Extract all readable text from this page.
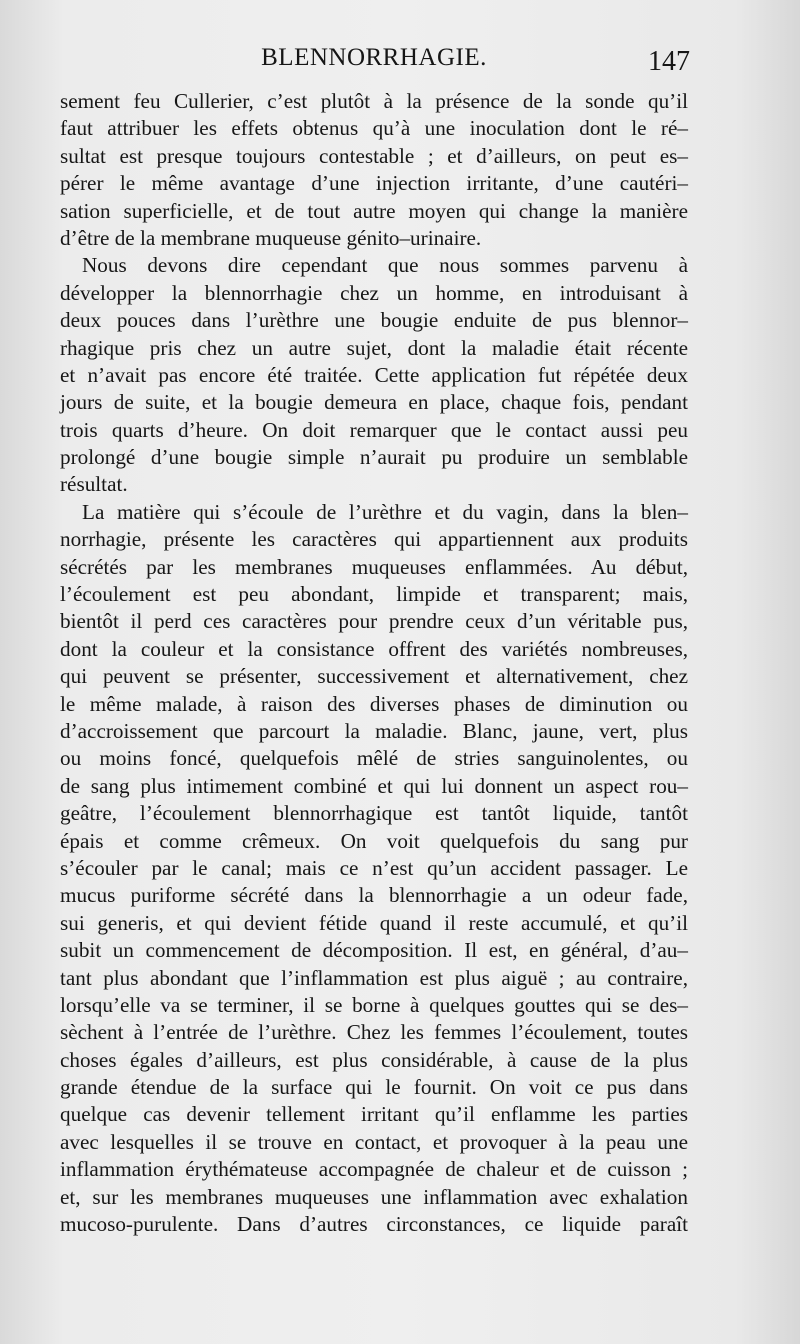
BLENNORRHAGIE.	147
sement feu Cullerier, c’est plutôt à la présence de la sonde qu’il
faut attribuer les effets obtenus qu’à une inoculation dont le ré–
sultat est presque toujours contestable ; et d’ailleurs, on peut es–
pérer le même avantage d’une injection irritante, d’une cautéri–
sation superficielle, et de tout autre moyen qui change la manière
d’être de la membrane muqueuse génito–urinaire.
Nous devons dire cependant que nous sommes parvenu à
développer la blennorrhagie chez un homme, en introduisant à
deux pouces dans l’urèthre une bougie enduite de pus blennor–
rhagique pris chez un autre sujet, dont la maladie était récente
et n’avait pas encore été traitée. Cette application fut répétée deux
jours de suite, et la bougie demeura en place, chaque fois, pendant
trois quarts d’heure. On doit remarquer que le contact aussi peu
prolongé d’une bougie simple n’aurait pu produire un semblable
résultat.
La matière qui s’écoule de l’urèthre et du vagin, dans la blen–
norrhagie, présente les caractères qui appartiennent aux produits
sécrétés par les membranes muqueuses enflammées. Au début,
l’écoulement est peu abondant, limpide et transparent; mais,
bientôt il perd ces caractères pour prendre ceux d’un véritable pus,
dont la couleur et la consistance offrent des variétés nombreuses,
qui peuvent se présenter, successivement et alternativement, chez
le même malade, à raison des diverses phases de diminution ou
d’accroissement que parcourt la maladie. Blanc, jaune, vert, plus
ou moins foncé, quelquefois mêlé de stries sanguinolentes, ou
de sang plus intimement combiné et qui lui donnent un aspect rou–
geâtre, l’écoulement blennorrhagique est tantôt liquide, tantôt
épais et comme crêmeux. On voit quelquefois du sang pur
s’écouler par le canal; mais ce n’est qu’un accident passager. Le
mucus puriforme sécrété dans la blennorrhagie a un odeur fade,
sui generis, et qui devient fétide quand il reste accumulé, et qu’il
subit un commencement de décomposition. Il est, en général, d’au–
tant plus abondant que l’inflammation est plus aiguë ; au contraire,
lorsqu’elle va se terminer, il se borne à quelques gouttes qui se des–
sèchent à l’entrée de l’urèthre. Chez les femmes l’écoulement, toutes
choses égales d’ailleurs, est plus considérable, à cause de la plus
grande étendue de la surface qui le fournit. On voit ce pus dans
quelque cas devenir tellement irritant qu’il enflamme les parties
avec lesquelles il se trouve en contact, et provoquer à la peau une
inflammation érythémateuse accompagnée de chaleur et de cuisson ;
et, sur les membranes muqueuses une inflammation avec exhalation
mucoso-purulente. Dans d’autres circonstances, ce liquide paraît
